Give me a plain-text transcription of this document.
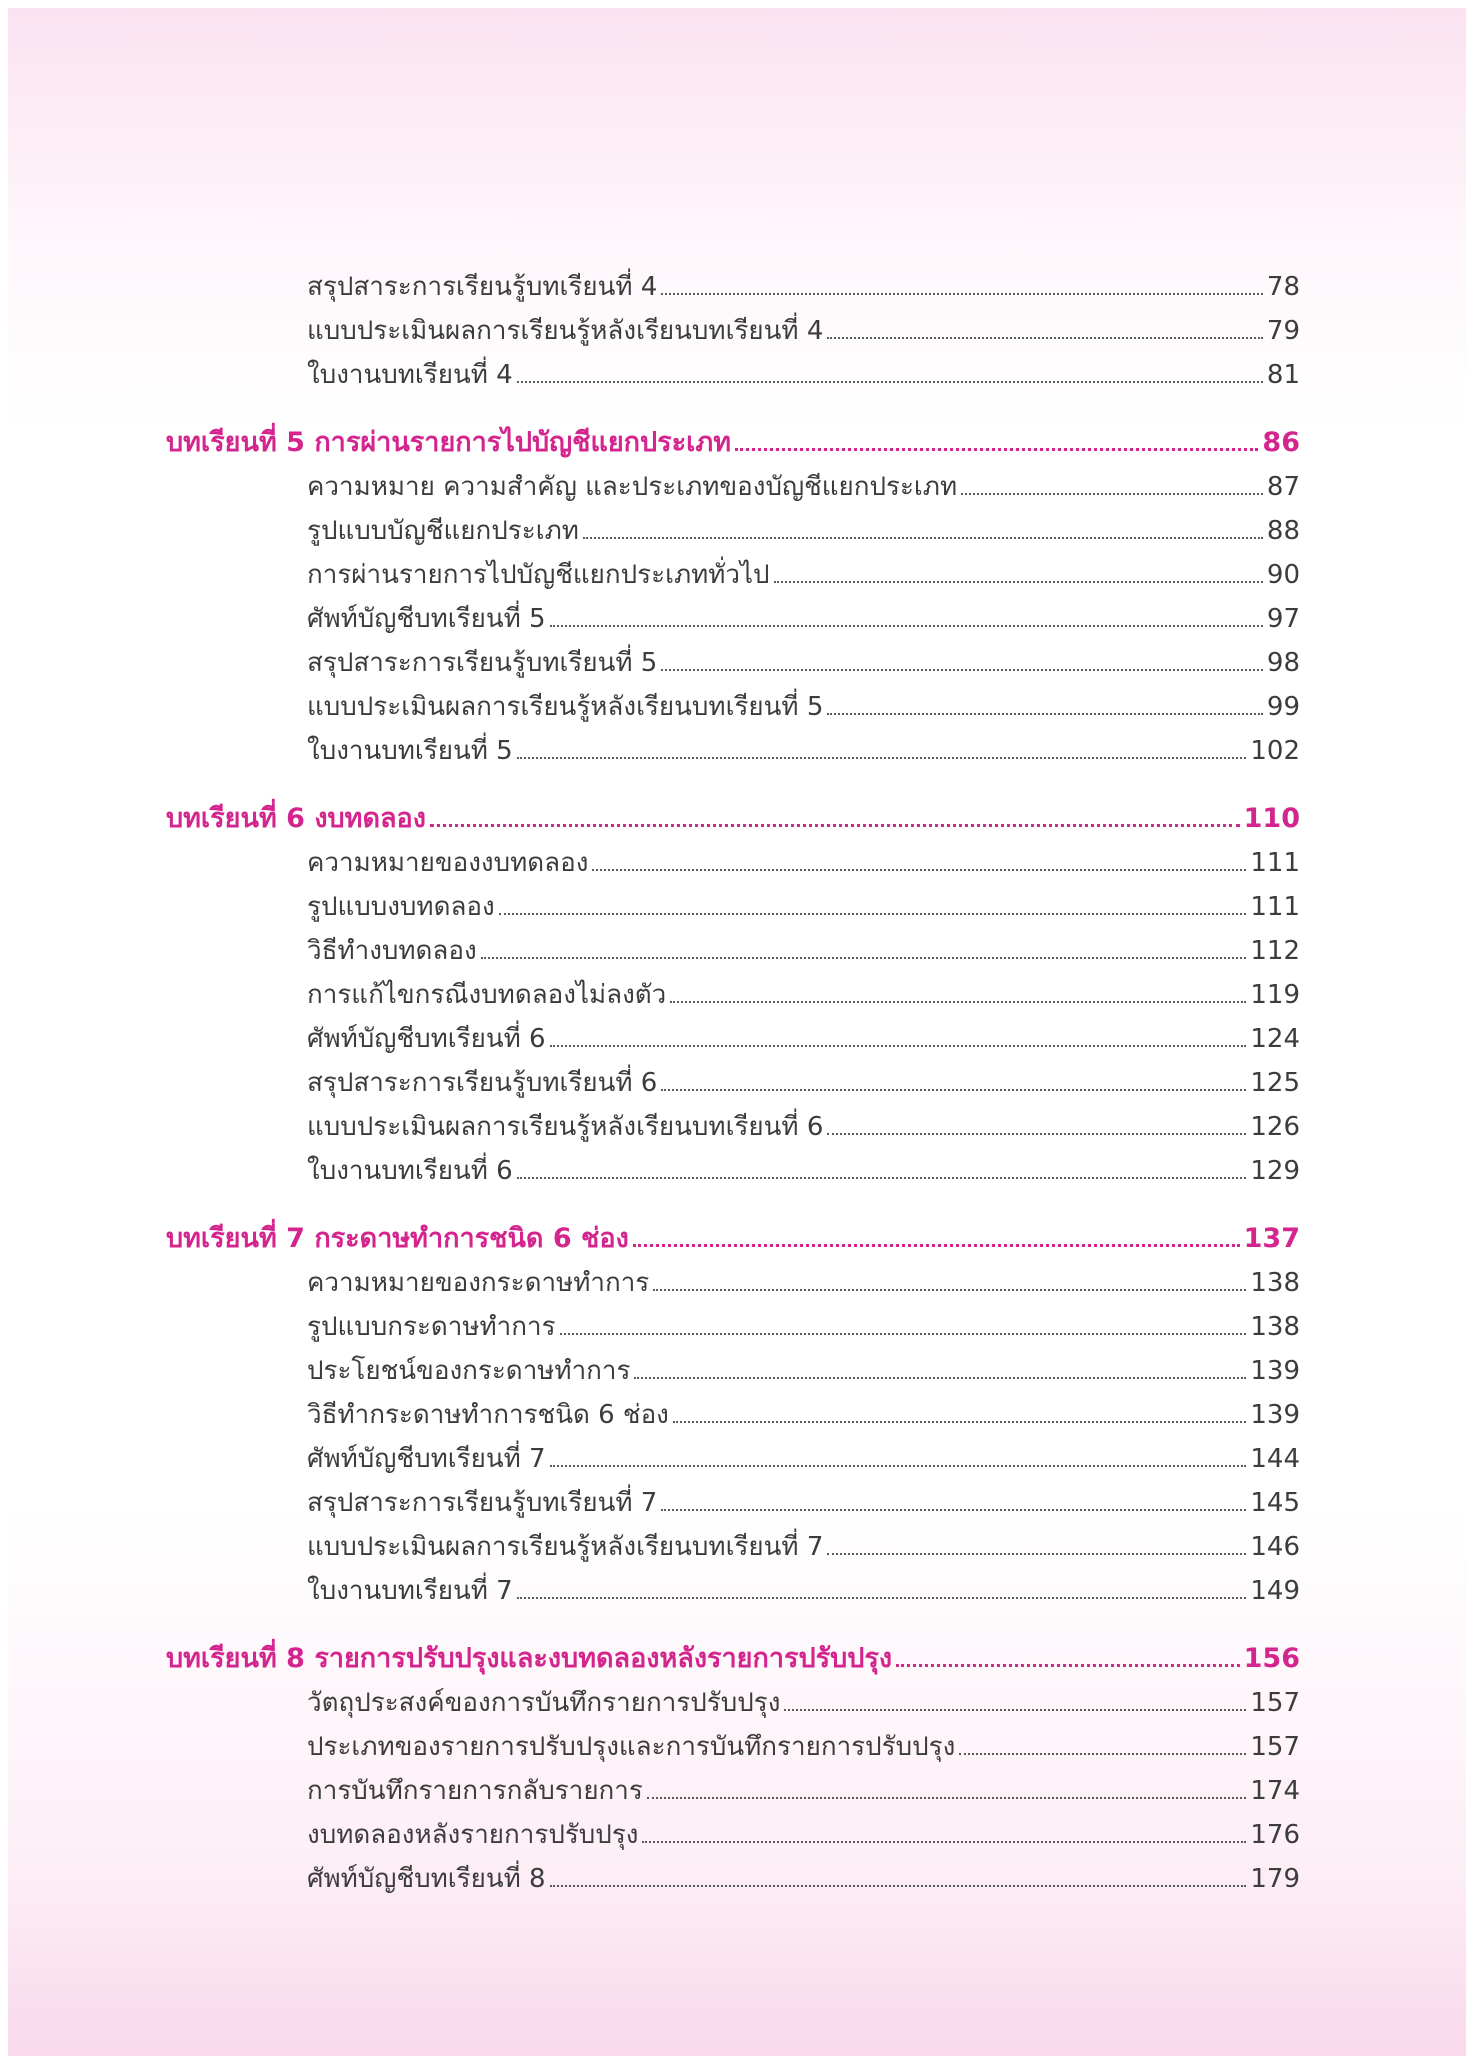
สรุปสาระการเรียนรู้บทเรียนที่ 4	78
แบบประเมินผลการเรียนรู้หลังเรียนบทเรียนที่ 4	79
ใบงานบทเรียนที่ 4	81
บทเรียนที่ 5 การผ่านรายการไปบัญชีแยกประเภท	86
ความหมาย ความสำคัญ และประเภทของบัญชีแยกประเภท	87
รูปแบบบัญชีแยกประเภท	88
การผ่านรายการไปบัญชีแยกประเภททั่วไป	90
ศัพท์บัญชีบทเรียนที่ 5	97
สรุปสาระการเรียนรู้บทเรียนที่ 5	98
แบบประเมินผลการเรียนรู้หลังเรียนบทเรียนที่ 5	99
ใบงานบทเรียนที่ 5	102
บทเรียนที่ 6 งบทดลอง	110
ความหมายของงบทดลอง	111
รูปแบบงบทดลอง	111
วิธีทำงบทดลอง	112
การแก้ไขกรณีงบทดลองไม่ลงตัว	119
ศัพท์บัญชีบทเรียนที่ 6	124
สรุปสาระการเรียนรู้บทเรียนที่ 6	125
แบบประเมินผลการเรียนรู้หลังเรียนบทเรียนที่ 6	126
ใบงานบทเรียนที่ 6	129
บทเรียนที่ 7 กระดาษทำการชนิด 6 ช่อง	137
ความหมายของกระดาษทำการ	138
รูปแบบกระดาษทำการ	138
ประโยชน์ของกระดาษทำการ	139
วิธีทำกระดาษทำการชนิด 6 ช่อง	139
ศัพท์บัญชีบทเรียนที่ 7	144
สรุปสาระการเรียนรู้บทเรียนที่ 7	145
แบบประเมินผลการเรียนรู้หลังเรียนบทเรียนที่ 7	146
ใบงานบทเรียนที่ 7	149
บทเรียนที่ 8 รายการปรับปรุงและงบทดลองหลังรายการปรับปรุง	156
วัตถุประสงค์ของการบันทึกรายการปรับปรุง	157
ประเภทของรายการปรับปรุงและการบันทึกรายการปรับปรุง	157
การบันทึกรายการกลับรายการ	174
งบทดลองหลังรายการปรับปรุง	176
ศัพท์บัญชีบทเรียนที่ 8	179
